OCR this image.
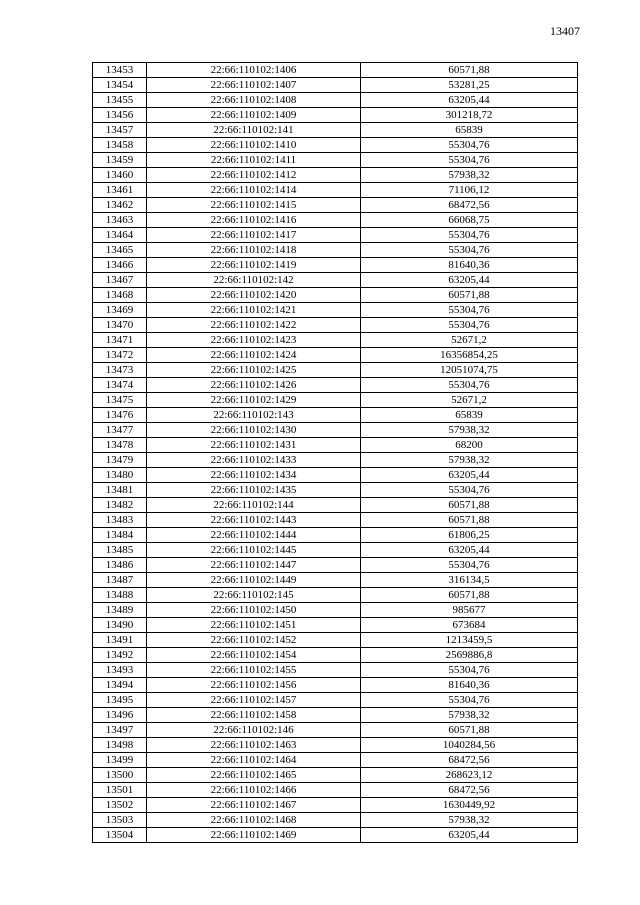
13407
13453	22:66:110102:1406	60571,88
13454	22:66:110102:1407	53281,25
13455	22:66:110102:1408	63205,44
13456	22:66:110102:1409	301218,72
13457	22:66:110102:141	65839
13458	22:66:110102:1410	55304,76
13459	22:66:110102:1411	55304,76
13460	22:66:110102:1412	57938,32
13461	22:66:110102:1414	71106,12
13462	22:66:110102:1415	68472,56
13463	22:66:110102:1416	66068,75
13464	22:66:110102:1417	55304,76
13465	22:66:110102:1418	55304,76
13466	22:66:110102:1419	81640,36
13467	22:66:110102:142	63205,44
13468	22:66:110102:1420	60571,88
13469	22:66:110102:1421	55304,76
13470	22:66:110102:1422	55304,76
13471	22:66:110102:1423	52671,2
13472	22:66:110102:1424	16356854,25
13473	22:66:110102:1425	12051074,75
13474	22:66:110102:1426	55304,76
13475	22:66:110102:1429	52671,2
13476	22:66:110102:143	65839
13477	22:66:110102:1430	57938,32
13478	22:66:110102:1431	68200
13479	22:66:110102:1433	57938,32
13480	22:66:110102:1434	63205,44
13481	22:66:110102:1435	55304,76
13482	22:66:110102:144	60571,88
13483	22:66:110102:1443	60571,88
13484	22:66:110102:1444	61806,25
13485	22:66:110102:1445	63205,44
13486	22:66:110102:1447	55304,76
13487	22:66:110102:1449	316134,5
13488	22:66:110102:145	60571,88
13489	22:66:110102:1450	985677
13490	22:66:110102:1451	673684
13491	22:66:110102:1452	1213459,5
13492	22:66:110102:1454	2569886,8
13493	22:66:110102:1455	55304,76
13494	22:66:110102:1456	81640,36
13495	22:66:110102:1457	55304,76
13496	22:66:110102:1458	57938,32
13497	22:66:110102:146	60571,88
13498	22:66:110102:1463	1040284,56
13499	22:66:110102:1464	68472,56
13500	22:66:110102:1465	268623,12
13501	22:66:110102:1466	68472,56
13502	22:66:110102:1467	1630449,92
13503	22:66:110102:1468	57938,32
13504	22:66:110102:1469	63205,44
